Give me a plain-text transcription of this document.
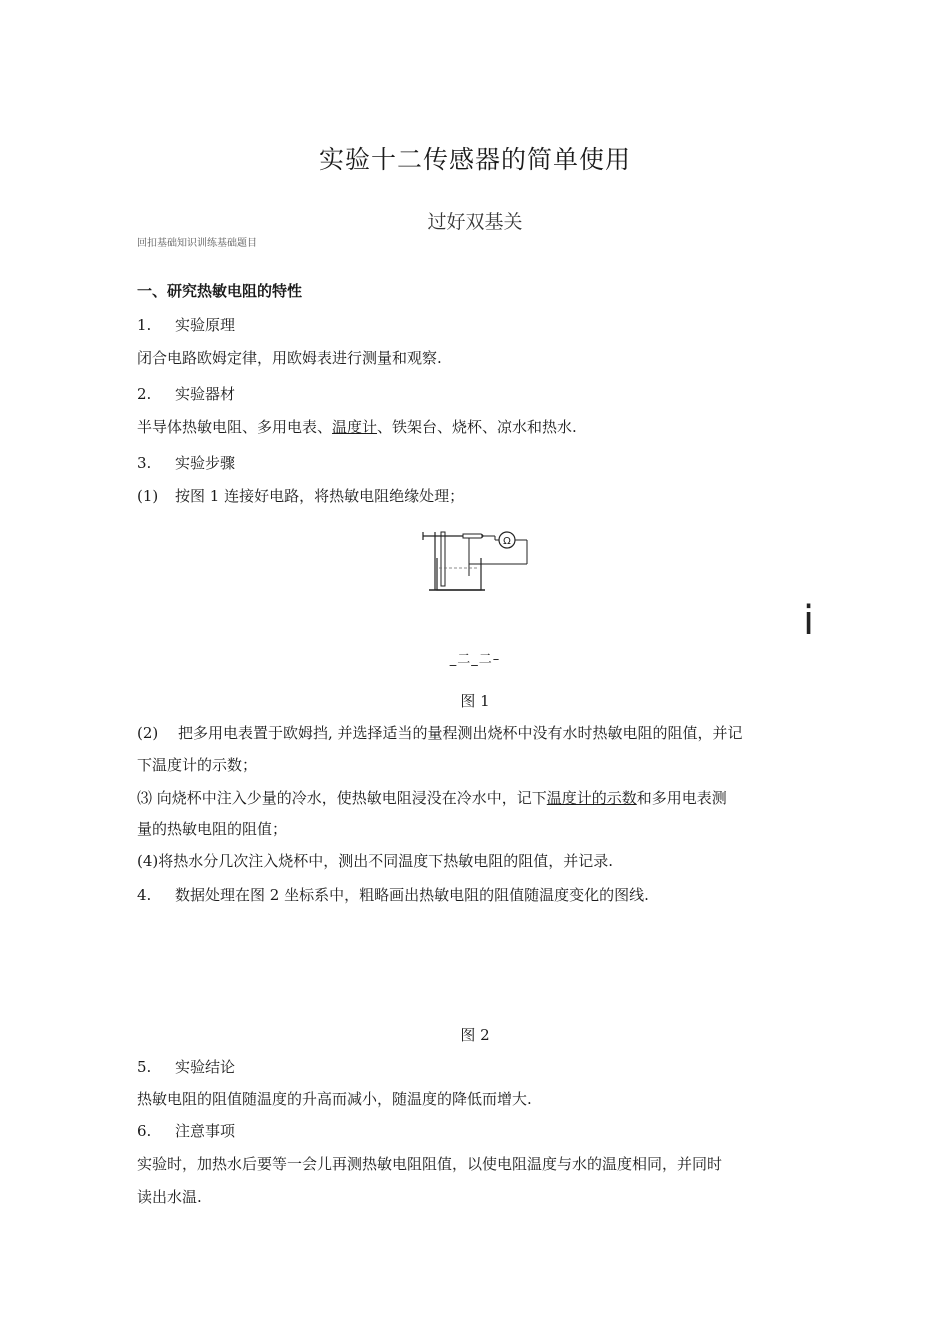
实验十二传感器的简单使用
过好双基关
回扣基础知识训练基础题目
一、研究热敏电阻的特性
1. 实验原理
闭合电路欧姆定律，用欧姆表进行测量和观察.
2. 实验器材
半导体热敏电阻、多用电表、温度计、铁架台、烧杯、凉水和热水.
3. 实验步骤
(1) 按图 1 连接好电路，将热敏电阻绝缘处理；
Ω
i
_二_二–
图 1
(2)  把多用电表置于欧姆挡, 并选择适当的量程测出烧杯中没有水时热敏电阻的阻值，并记
下温度计的示数；
⑶ 向烧杯中注入少量的冷水，使热敏电阻浸没在冷水中，记下温度计的示数和多用电表测
量的热敏电阻的阻值；
(4)将热水分几次注入烧杯中，测出不同温度下热敏电阻的阻值，并记录.
4. 数据处理在图 2 坐标系中，粗略画出热敏电阻的阻值随温度变化的图线.
图 2
5. 实验结论
热敏电阻的阻值随温度的升高而减小，随温度的降低而增大.
6. 注意事项
实验时，加热水后要等一会儿再测热敏电阻阻值，以使电阻温度与水的温度相同，并同时
读出水温.
